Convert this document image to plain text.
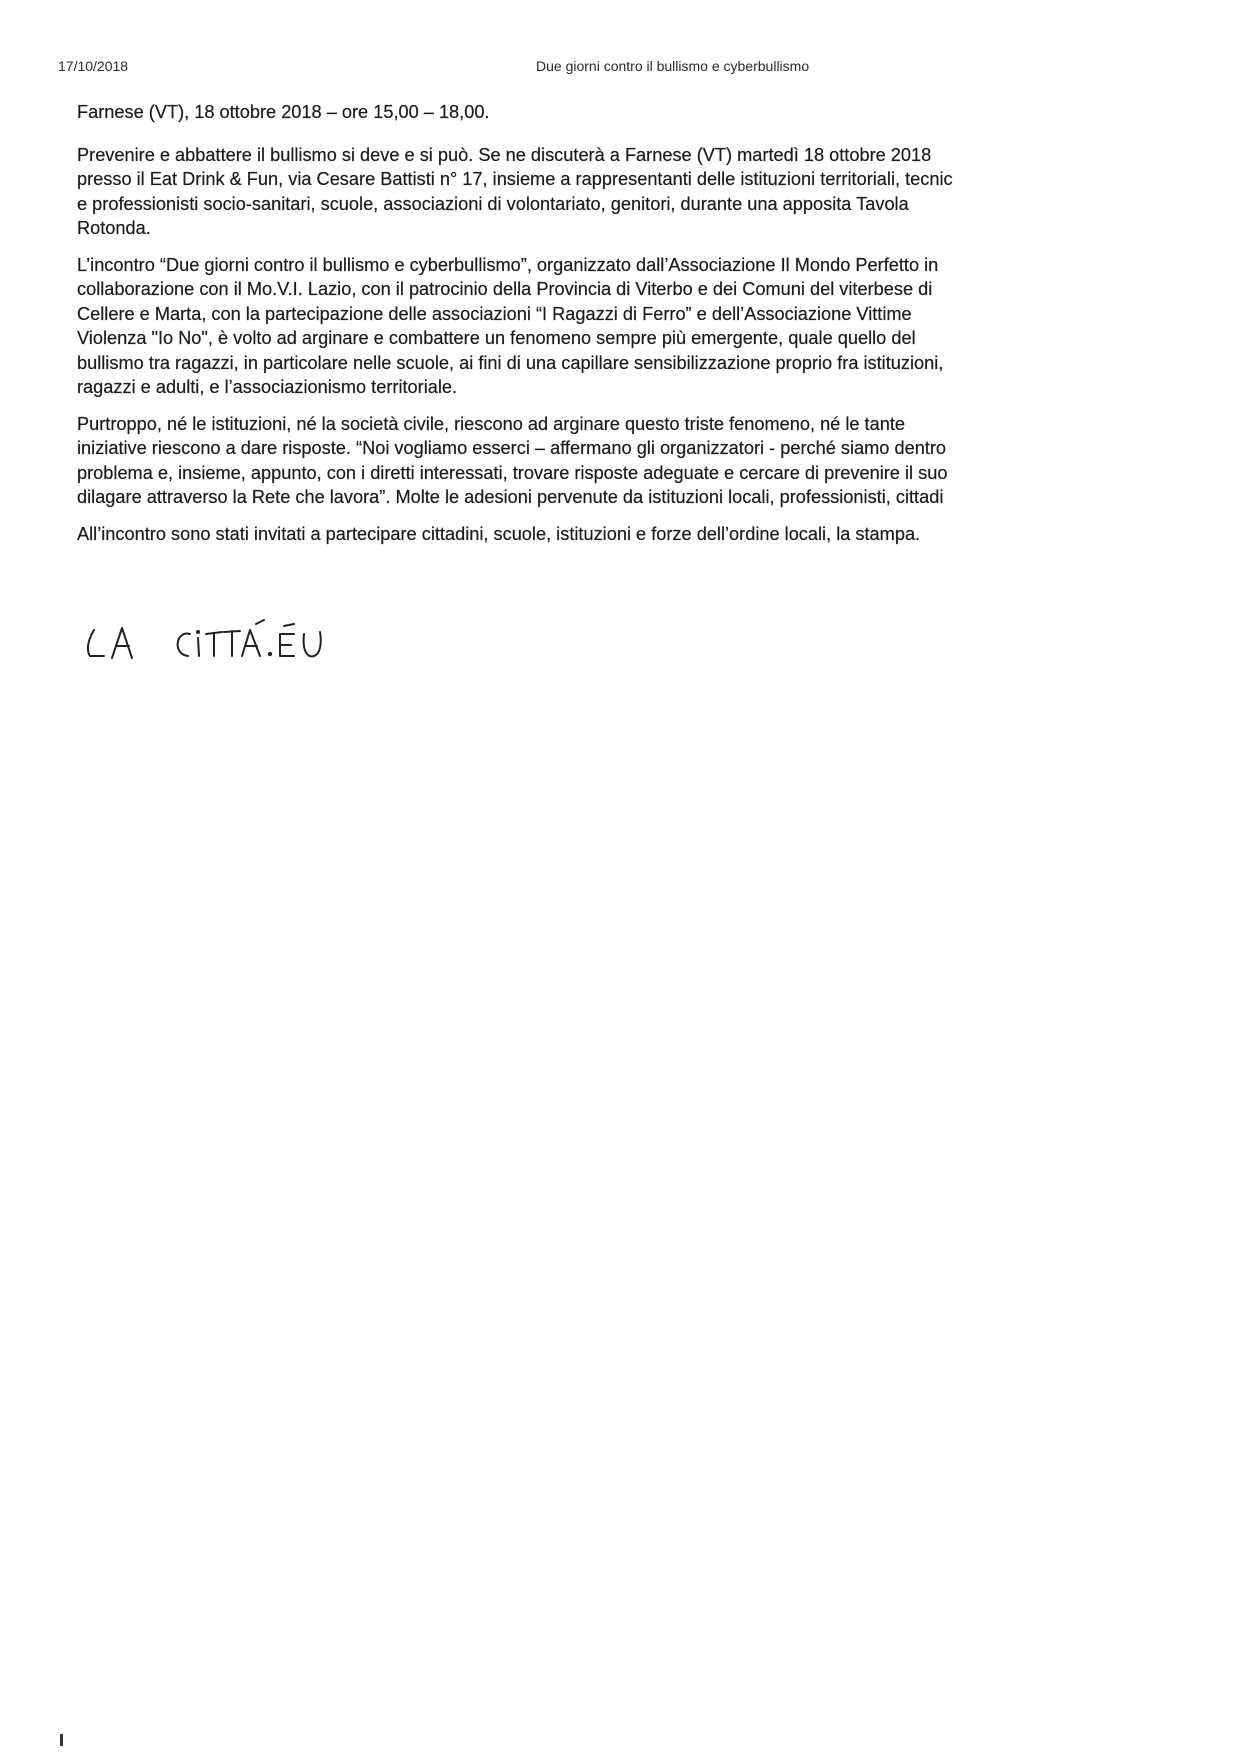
17/10/2018	Due giorni contro il bullismo e cyberbullismo

Farnese (VT), 18 ottobre 2018 – ore 15,00 – 18,00.

Prevenire e abbattere il bullismo si deve e si può. Se ne discuterà a Farnese (VT) martedì 18 ottobre 2018
presso il Eat Drink & Fun, via Cesare Battisti n° 17, insieme a rappresentanti delle istituzioni territoriali, tecnic
e professionisti socio-sanitari, scuole, associazioni di volontariato, genitori, durante una apposita Tavola
Rotonda.

L’incontro “Due giorni contro il bullismo e cyberbullismo”, organizzato dall’Associazione Il Mondo Perfetto in
collaborazione con il Mo.V.I. Lazio, con il patrocinio della Provincia di Viterbo e dei Comuni del viterbese di
Cellere e Marta, con la partecipazione delle associazioni “I Ragazzi di Ferro” e dell’Associazione Vittime
Violenza "Io No", è volto ad arginare e combattere un fenomeno sempre più emergente, quale quello del
bullismo tra ragazzi, in particolare nelle scuole, ai fini di una capillare sensibilizzazione proprio fra istituzioni,
ragazzi e adulti, e l’associazionismo territoriale.

Purtroppo, né le istituzioni, né la società civile, riescono ad arginare questo triste fenomeno, né le tante
iniziative riescono a dare risposte. “Noi vogliamo esserci – affermano gli organizzatori - perché siamo dentro
problema e, insieme, appunto, con i diretti interessati, trovare risposte adeguate e cercare di prevenire il suo
dilagare attraverso la Rete che lavora”. Molte le adesioni pervenute da istituzioni locali, professionisti, cittadi

All’incontro sono stati invitati a partecipare cittadini, scuole, istituzioni e forze dell’ordine locali, la stampa.
